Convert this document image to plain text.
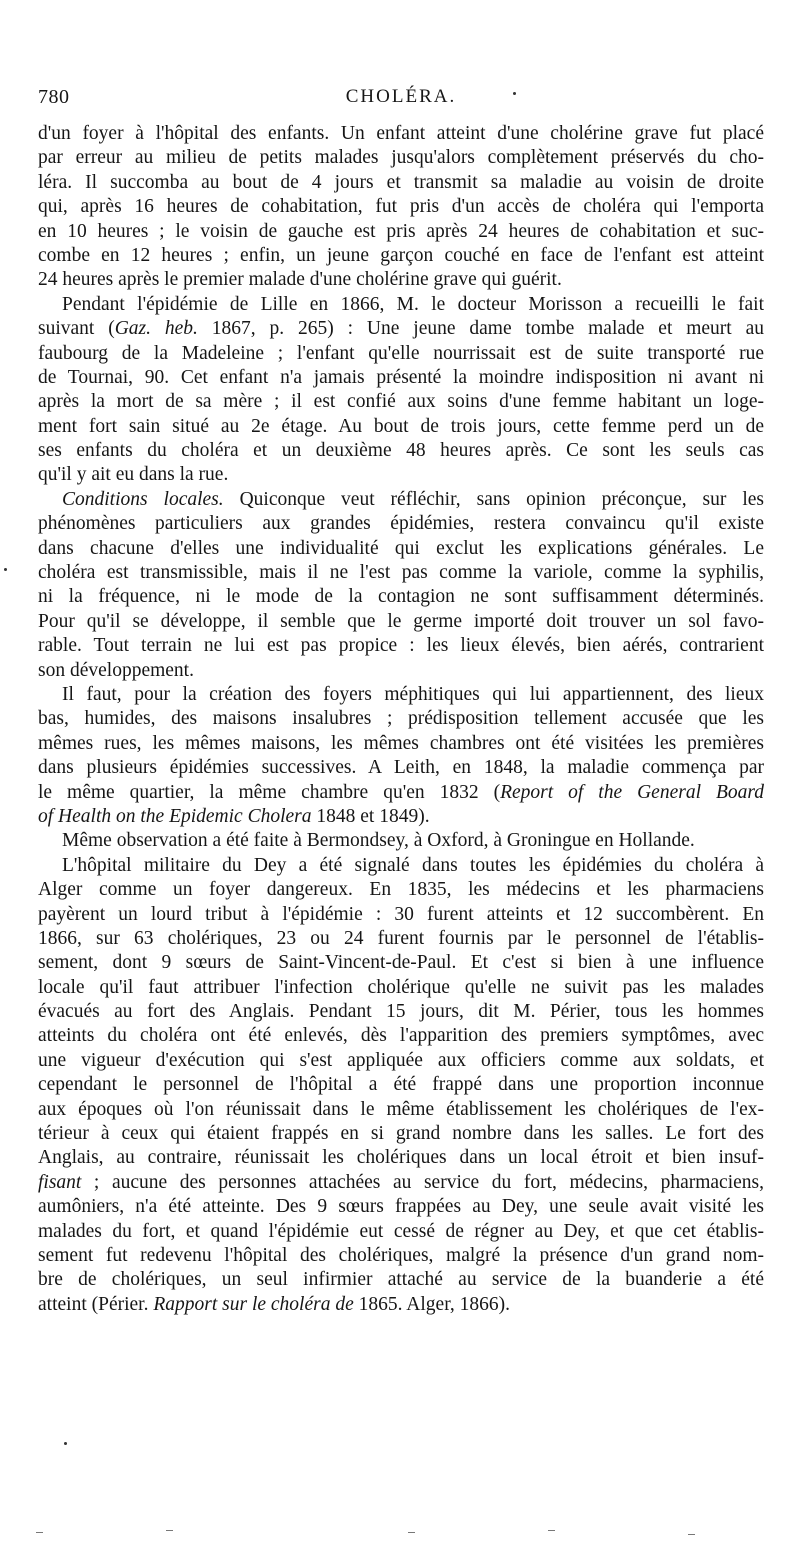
780	CHOLÉRA.
d'un foyer à l'hôpital des enfants. Un enfant atteint d'une cholérine grave fut placé
par erreur au milieu de petits malades jusqu'alors complètement préservés du cho-
léra. Il succomba au bout de 4 jours et transmit sa maladie au voisin de droite
qui, après 16 heures de cohabitation, fut pris d'un accès de choléra qui l'emporta
en 10 heures ; le voisin de gauche est pris après 24 heures de cohabitation et suc-
combe en 12 heures ; enfin, un jeune garçon couché en face de l'enfant est atteint
24 heures après le premier malade d'une cholérine grave qui guérit.
Pendant l'épidémie de Lille en 1866, M. le docteur Morisson a recueilli le fait
suivant (Gaz. heb. 1867, p. 265) : Une jeune dame tombe malade et meurt au
faubourg de la Madeleine ; l'enfant qu'elle nourrissait est de suite transporté rue
de Tournai, 90. Cet enfant n'a jamais présenté la moindre indisposition ni avant ni
après la mort de sa mère ; il est confié aux soins d'une femme habitant un loge-
ment fort sain situé au 2e étage. Au bout de trois jours, cette femme perd un de
ses enfants du choléra et un deuxième 48 heures après. Ce sont les seuls cas
qu'il y ait eu dans la rue.
Conditions locales. Quiconque veut réfléchir, sans opinion préconçue, sur les
phénomènes particuliers aux grandes épidémies, restera convaincu qu'il existe
dans chacune d'elles une individualité qui exclut les explications générales. Le
choléra est transmissible, mais il ne l'est pas comme la variole, comme la syphilis,
ni la fréquence, ni le mode de la contagion ne sont suffisamment déterminés.
Pour qu'il se développe, il semble que le germe importé doit trouver un sol favo-
rable. Tout terrain ne lui est pas propice : les lieux élevés, bien aérés, contrarient
son développement.
Il faut, pour la création des foyers méphitiques qui lui appartiennent, des lieux
bas, humides, des maisons insalubres ; prédisposition tellement accusée que les
mêmes rues, les mêmes maisons, les mêmes chambres ont été visitées les premières
dans plusieurs épidémies successives. A Leith, en 1848, la maladie commença par
le même quartier, la même chambre qu'en 1832 (Report of the General Board
of Health on the Epidemic Cholera 1848 et 1849).
Même observation a été faite à Bermondsey, à Oxford, à Groningue en Hollande.
L'hôpital militaire du Dey a été signalé dans toutes les épidémies du choléra à
Alger comme un foyer dangereux. En 1835, les médecins et les pharmaciens
payèrent un lourd tribut à l'épidémie : 30 furent atteints et 12 succombèrent. En
1866, sur 63 cholériques, 23 ou 24 furent fournis par le personnel de l'établis-
sement, dont 9 sœurs de Saint-Vincent-de-Paul. Et c'est si bien à une influence
locale qu'il faut attribuer l'infection cholérique qu'elle ne suivit pas les malades
évacués au fort des Anglais. Pendant 15 jours, dit M. Périer, tous les hommes
atteints du choléra ont été enlevés, dès l'apparition des premiers symptômes, avec
une vigueur d'exécution qui s'est appliquée aux officiers comme aux soldats, et
cependant le personnel de l'hôpital a été frappé dans une proportion inconnue
aux époques où l'on réunissait dans le même établissement les cholériques de l'ex-
térieur à ceux qui étaient frappés en si grand nombre dans les salles. Le fort des
Anglais, au contraire, réunissait les cholériques dans un local étroit et bien insuf-
fisant ; aucune des personnes attachées au service du fort, médecins, pharmaciens,
aumôniers, n'a été atteinte. Des 9 sœurs frappées au Dey, une seule avait visité les
malades du fort, et quand l'épidémie eut cessé de régner au Dey, et que cet établis-
sement fut redevenu l'hôpital des cholériques, malgré la présence d'un grand nom-
bre de cholériques, un seul infirmier attaché au service de la buanderie a été
atteint (Périer. Rapport sur le choléra de 1865. Alger, 1866).
